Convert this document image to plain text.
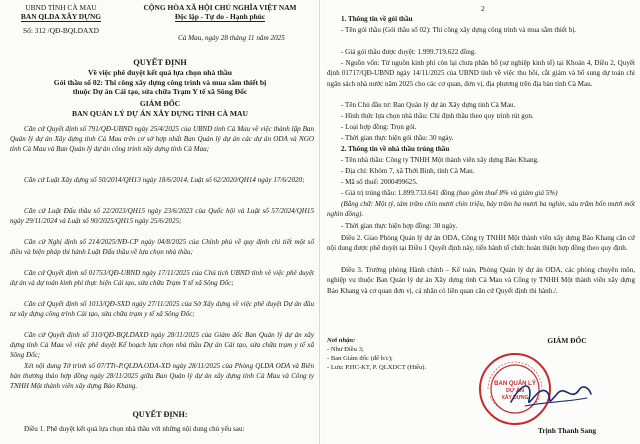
UBND TỈNH CÀ MAU
BAN QLDA XÂY DỰNG
Số: 312 /QĐ-BQLDAXD
CỘNG HÒA XÃ HỘI CHỦ NGHĨA VIỆT NAM
Độc lập - Tự do - Hạnh phúc
Cà Mau, ngày 28 tháng 11 năm 2025
QUYẾT ĐỊNH
Về việc phê duyệt kết quả lựa chọn nhà thầu
Gói thầu số 02: Thi công xây dựng công trình và mua sắm thiết bị
thuộc Dự án Cải tạo, sửa chữa Trạm Y tế xã Sông Đốc
GIÁM ĐỐC
BAN QUẢN LÝ DỰ ÁN XÂY DỰNG TỈNH CÀ MAU
Căn cứ Quyết định số 791/QĐ-UBND ngày 25/4/2025 của UBND tỉnh Cà Mau về việc thành lập Ban Quản lý dự án Xây dựng tỉnh Cà Mau trên cơ sở hợp nhất Ban Quản lý dự án các dự án ODA và NGO tỉnh Cà Mau và Ban Quản lý dự án công trình xây dựng tỉnh Cà Mau;
Căn cứ Luật Xây dựng số 50/2014/QH13 ngày 18/6/2014, Luật số 62/2020/QH14 ngày 17/6/2020;
Căn cứ Luật Đấu thầu số 22/2023/QH15 ngày 23/6/2023 của Quốc hội và Luật số 57/2024/QH15 ngày 29/11/2024 và Luật số 90/2025/QH15 ngày 25/6/2025;
Căn cứ Nghị định số 214/2025/NĐ-CP ngày 04/8/2025 của Chính phủ về quy định chi tiết một số điều và biện pháp thi hành Luật Đấu thầu về lựa chọn nhà thầu;
Căn cứ Quyết định số 01753/QĐ-UBND ngày 17/11/2025 của Chủ tịch UBND tỉnh về việc phê duyệt dự án và dự toán kinh phí thực hiện Cải tạo, sửa chữa Trạm Y tế xã Sông Đốc;
Căn cứ Quyết định số 1013/QĐ-SXD ngày 27/11/2025 của Sở Xây dựng về việc phê duyệt Dự án đầu tư xây dựng công trình Cải tạo, sửa chữa trạm y tế xã Sông Đốc;
Căn cứ Quyết định số 310/QĐ-BQLDAXD ngày 28/11/2025 của Giám đốc Ban Quản lý dự án xây dựng tỉnh Cà Mau về việc phê duyệt Kế hoạch lựa chọn nhà thầu Dự án Cải tạo, sửa chữa trạm y tế xã Sông Đốc;
Xét nội dung Tờ trình số 07/TTr-P.QLDA.ODA-XD ngày 28/11/2025 của Phòng QLDA ODA và Biên bản thương thảo hợp đồng ngày 28/11/2025 giữa Ban Quản lý dự án xây dựng tỉnh Cà Mau và Công ty TNHH Một thành viên xây dựng Bảo Khang.
QUYẾT ĐỊNH:
Điều 1. Phê duyệt kết quả lựa chọn nhà thầu với những nội dung chủ yếu sau:
2
1. Thông tin về gói thầu
- Tên gói thầu (Gói thầu số 02): Thi công xây dựng công trình và mua sắm thiết bị.
- Giá gói thầu được duyệt: 1.999.719.622 đồng.
- Nguồn vốn: Từ nguồn kinh phí còn lại chưa phân bổ (sự nghiệp kinh tế) tại Khoản 4, Điều 2, Quyết định 01717/QĐ-UBND ngày 14/11/2025 của UBND tỉnh về việc thu hồi, cắt giảm và bổ sung dự toán chi ngân sách nhà nước năm 2025 cho các cơ quan, đơn vị, địa phương trên địa bàn tỉnh Cà Mau.
- Tên Chủ đầu tư: Ban Quản lý dự án Xây dựng tỉnh Cà Mau.
- Hình thức lựa chọn nhà thầu: Chỉ định thầu theo quy trình rút gọn.
- Loại hợp đồng: Trọn gói.
- Thời gian thực hiện gói thầu: 30 ngày.
2. Thông tin về nhà thầu trúng thầu
- Tên nhà thầu: Công ty TNHH Một thành viên xây dựng Bảo Khang.
- Địa chỉ: Khóm 7, xã Thới Bình, tỉnh Cà Mau.
- Mã số thuế: 2000499625.
- Giá trị trúng thầu: 1.899.733.641 đồng (bao gồm thuế 8% và giảm giá 5%)
(Bằng chữ: Một tỷ, tám trăm chín mươi chín triệu, bảy trăm ba mươi ba nghìn, sáu trăm bốn mươi mốt nghìn đồng).
- Thời gian thực hiện hợp đồng: 30 ngày.
Điều 2. Giao Phòng Quản lý dự án ODA, Công ty TNHH Một thành viên xây dựng Bảo Khang căn cứ nội dung được phê duyệt tại Điều 1 Quyết định này, tiến hành tổ chức hoàn thiện hợp đồng theo quy định.
Điều 3. Trưởng phòng Hành chính – Kế toán, Phòng Quản lý dự án ODA, các phòng chuyên môn, nghiệp vụ thuộc Ban Quản lý dự án Xây dựng tỉnh Cà Mau và Công ty TNHH Một thành viên xây dựng Bảo Khang và cơ quan đơn vị, cá nhân có liên quan căn cứ Quyết định thi hành./.
Nơi nhận:
- Như Điều 3;
- Ban Giám đốc (để b/c);
- Lưu: P.HC-KT, P. QLXDCT (Hiếu).
GIÁM ĐỐC
Trịnh Thanh Sang
BAN QUẢN LÝ
DỰ ÁN
XÂY DỰNG
